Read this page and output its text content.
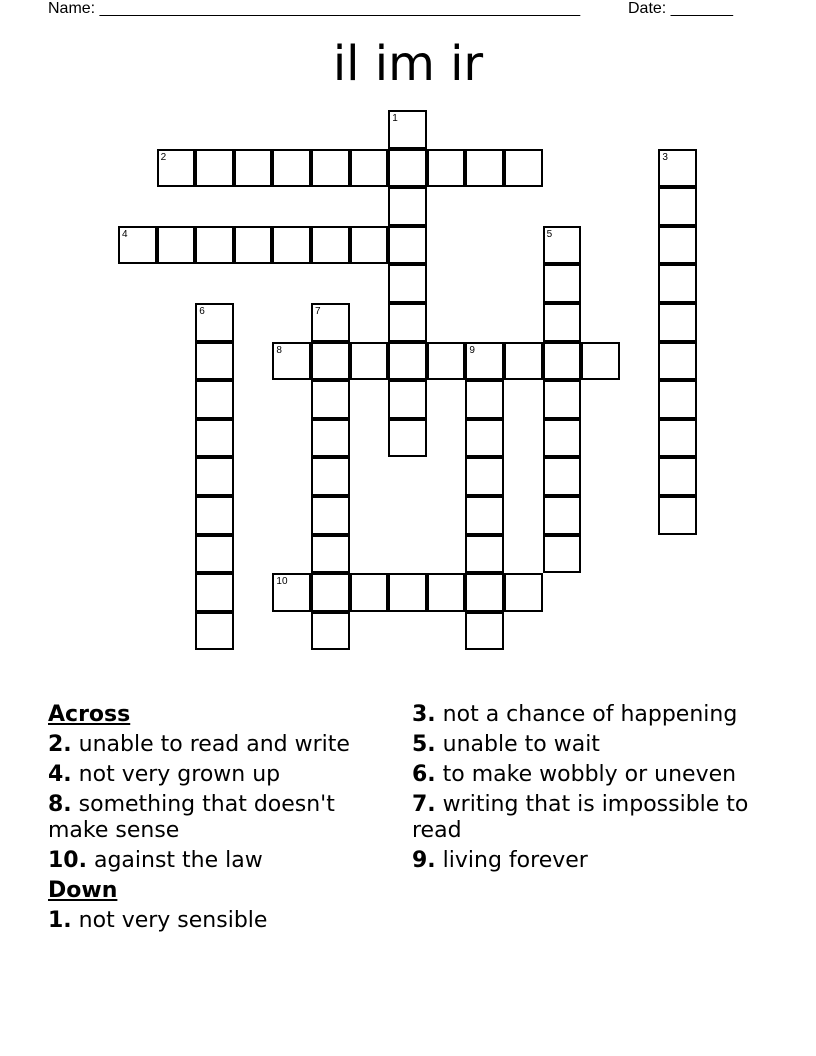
Name: ______________________________________________________	Date: _______
il im ir
1
2	3
4	5
6	7
8	9
10
Across
2. unable to read and write
4. not very grown up
8. something that doesn't make sense
10. against the law
Down
1. not very sensible
3. not a chance of happening
5. unable to wait
6. to make wobbly or uneven
7. writing that is impossible to read
9. living forever
